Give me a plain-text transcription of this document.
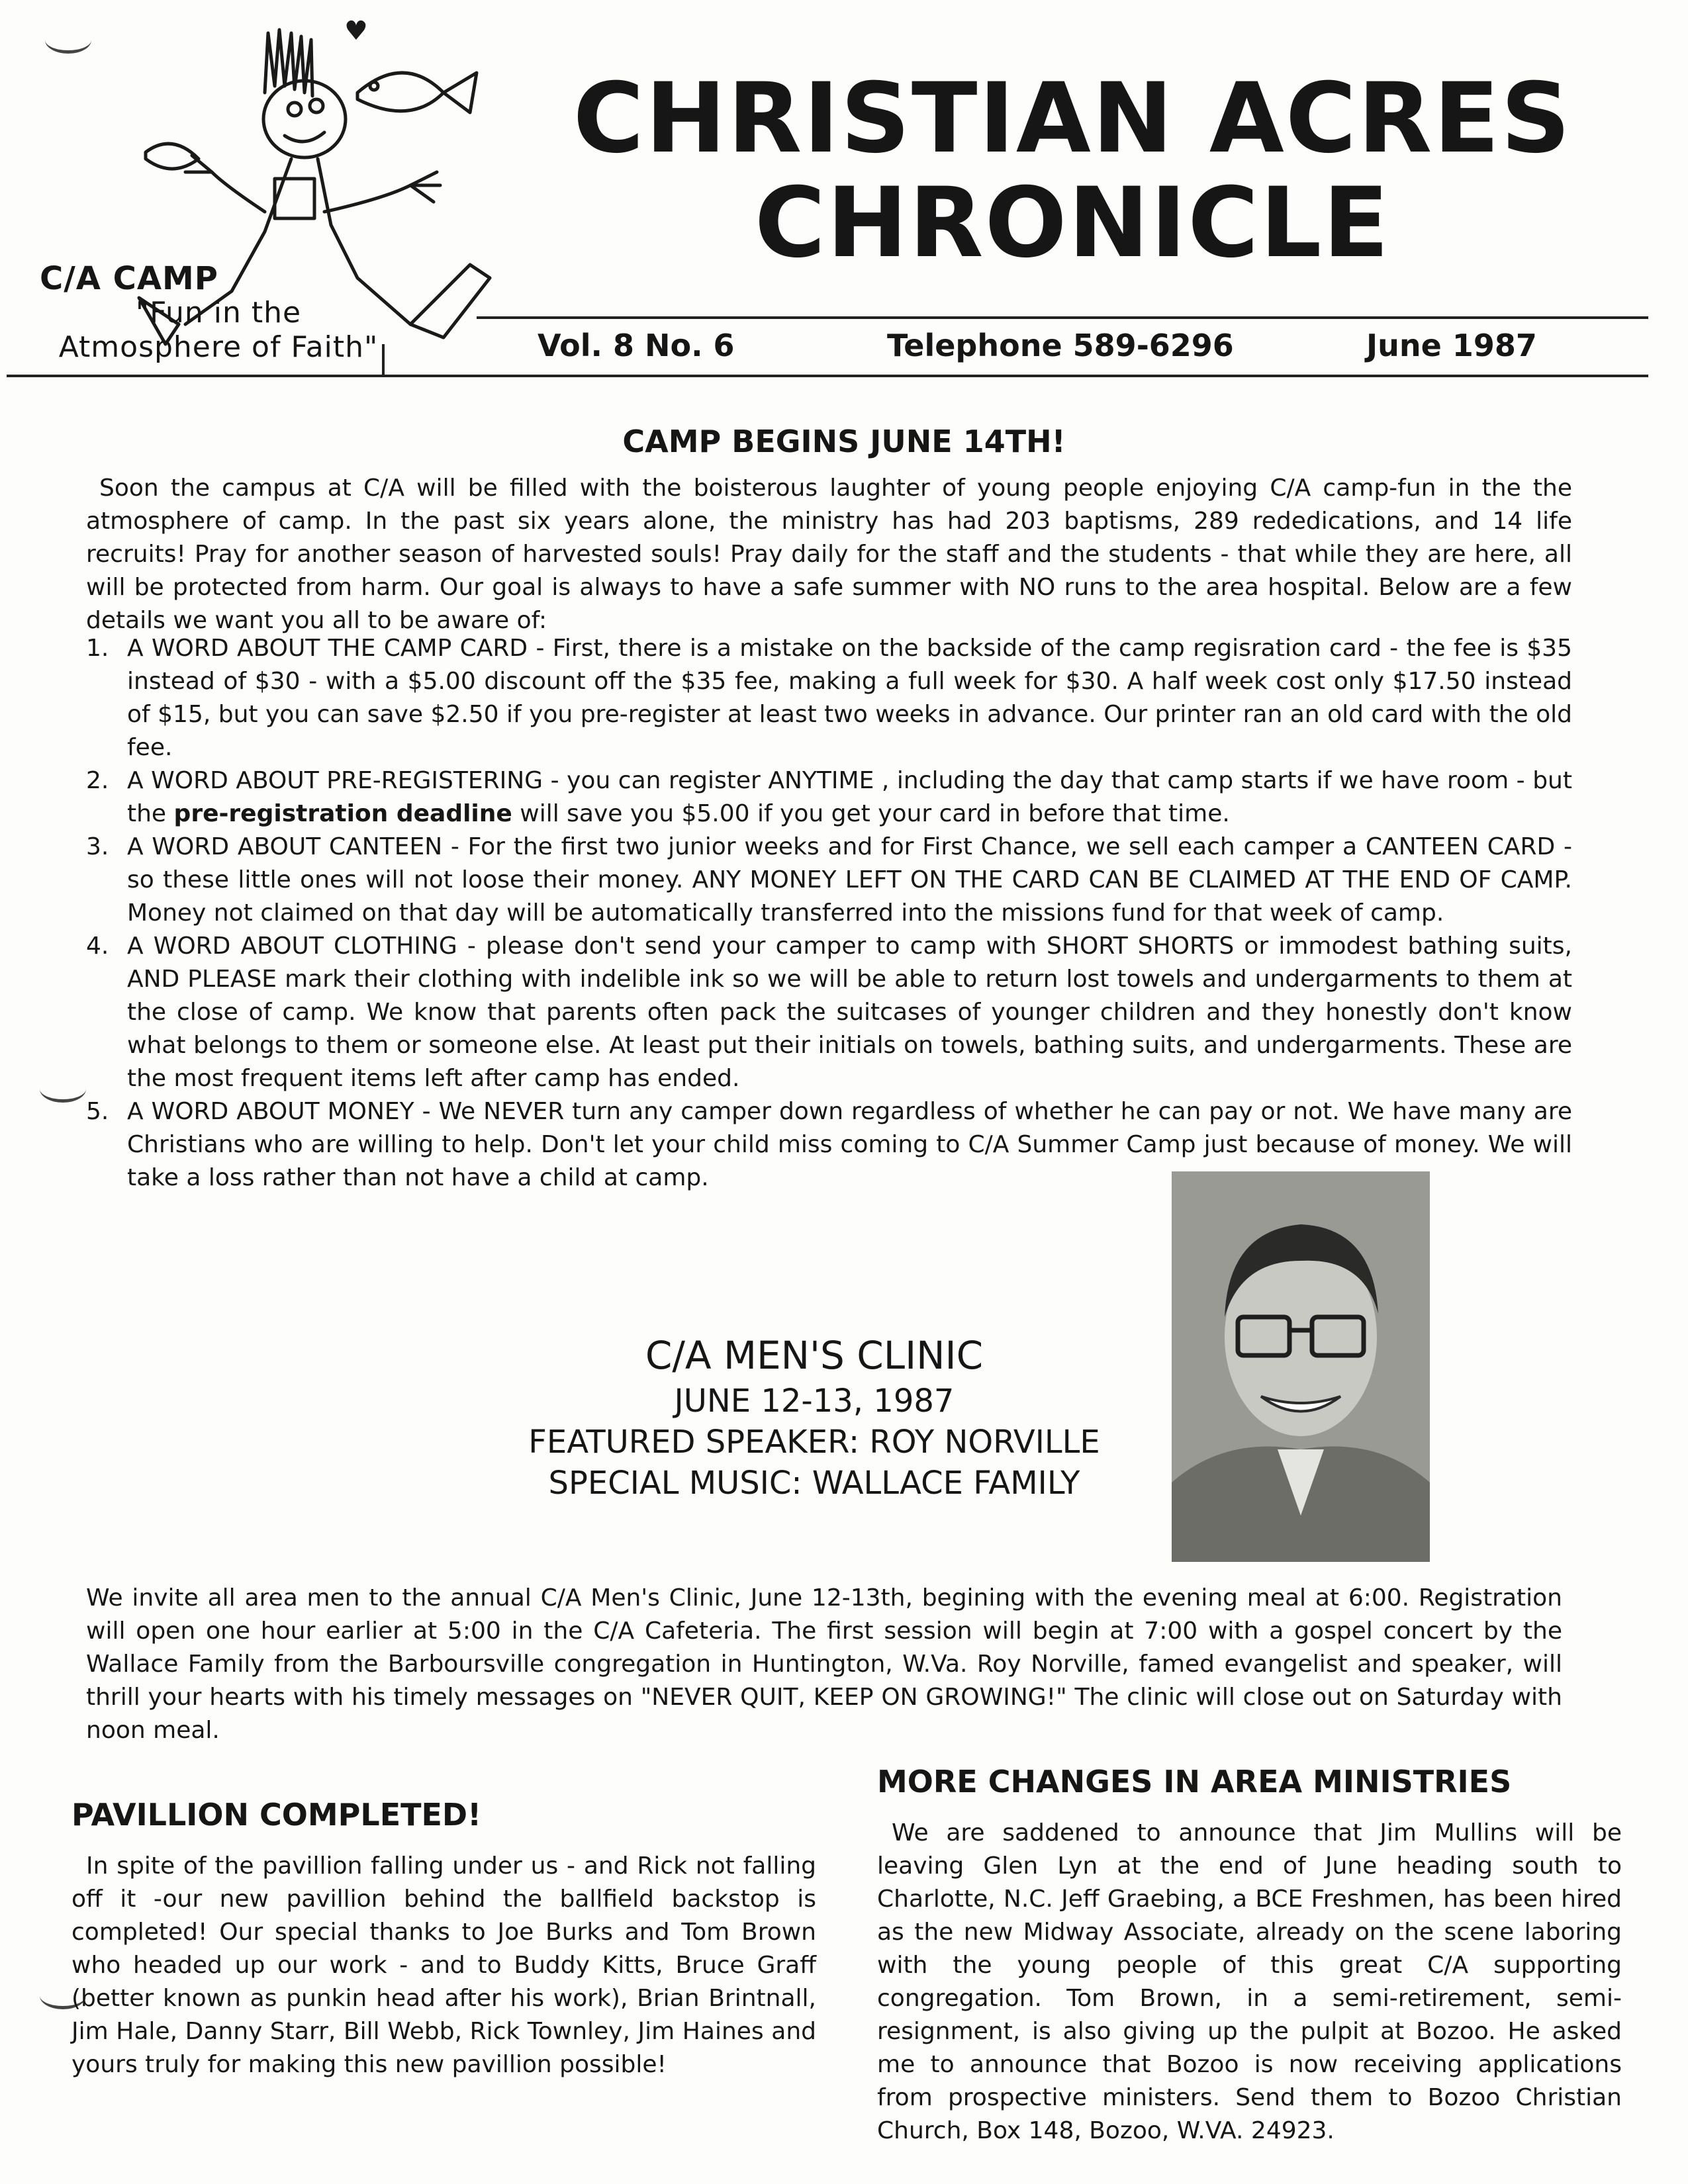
♥
C/A CAMP
"Fun in the
Atmosphere of Faith"
CHRISTIAN ACRES
CHRONICLE
Vol. 8 No. 6	Telephone 589-6296	June 1987
CAMP BEGINS JUNE 14TH!
Soon the campus at C/A will be filled with the boisterous laughter of young people enjoying C/A camp-fun in the the atmosphere of camp. In the past six years alone, the ministry has had 203 baptisms, 289 rededications, and 14 life recruits! Pray for another season of harvested souls! Pray daily for the staff and the students - that while they are here, all will be protected from harm. Our goal is always to have a safe summer with NO runs to the area hospital. Below are a few details we want you all to be aware of:
1. A WORD ABOUT THE CAMP CARD - First, there is a mistake on the backside of the camp regisration card - the fee is $35 instead of $30 - with a $5.00 discount off the $35 fee, making a full week for $30. A half week cost only $17.50 instead of $15, but you can save $2.50 if you pre-register at least two weeks in advance. Our printer ran an old card with the old fee.
2. A WORD ABOUT PRE-REGISTERING - you can register ANYTIME , including the day that camp starts if we have room - but the pre-registration deadline will save you $5.00 if you get your card in before that time.
3. A WORD ABOUT CANTEEN - For the first two junior weeks and for First Chance, we sell each camper a CANTEEN CARD - so these little ones will not loose their money. ANY MONEY LEFT ON THE CARD CAN BE CLAIMED AT THE END OF CAMP. Money not claimed on that day will be automatically transferred into the missions fund for that week of camp.
4. A WORD ABOUT CLOTHING - please don't send your camper to camp with SHORT SHORTS or immodest bathing suits, AND PLEASE mark their clothing with indelible ink so we will be able to return lost towels and undergarments to them at the close of camp. We know that parents often pack the suitcases of younger children and they honestly don't know what belongs to them or someone else. At least put their initials on towels, bathing suits, and undergarments. These are the most frequent items left after camp has ended.
5. A WORD ABOUT MONEY - We NEVER turn any camper down regardless of whether he can pay or not. We have many are Christians who are willing to help. Don't let your child miss coming to C/A Summer Camp just because of money. We will take a loss rather than not have a child at camp.
C/A MEN'S CLINIC
JUNE 12-13, 1987
FEATURED SPEAKER: ROY NORVILLE
SPECIAL MUSIC: WALLACE FAMILY
We invite all area men to the annual C/A Men's Clinic, June 12-13th, begining with the evening meal at 6:00. Registration will open one hour earlier at 5:00 in the C/A Cafeteria. The first session will begin at 7:00 with a gospel concert by the Wallace Family from the Barboursville congregation in Huntington, W.Va. Roy Norville, famed evangelist and speaker, will thrill your hearts with his timely messages on "NEVER QUIT, KEEP ON GROWING!" The clinic will close out on Saturday with noon meal.
PAVILLION COMPLETED!
In spite of the pavillion falling under us - and Rick not falling off it -our new pavillion behind the ballfield backstop is completed! Our special thanks to Joe Burks and Tom Brown who headed up our work - and to Buddy Kitts, Bruce Graff (better known as punkin head after his work), Brian Brintnall, Jim Hale, Danny Starr, Bill Webb, Rick Townley, Jim Haines and yours truly for making this new pavillion possible!
MORE CHANGES IN AREA MINISTRIES
We are saddened to announce that Jim Mullins will be leaving Glen Lyn at the end of June heading south to Charlotte, N.C. Jeff Graebing, a BCE Freshmen, has been hired as the new Midway Associate, already on the scene laboring with the young people of this great C/A supporting congregation. Tom Brown, in a semi-retirement, semi-resignment, is also giving up the pulpit at Bozoo. He asked me to announce that Bozoo is now receiving applications from prospective ministers. Send them to Bozoo Christian Church, Box 148, Bozoo, W.VA. 24923.
